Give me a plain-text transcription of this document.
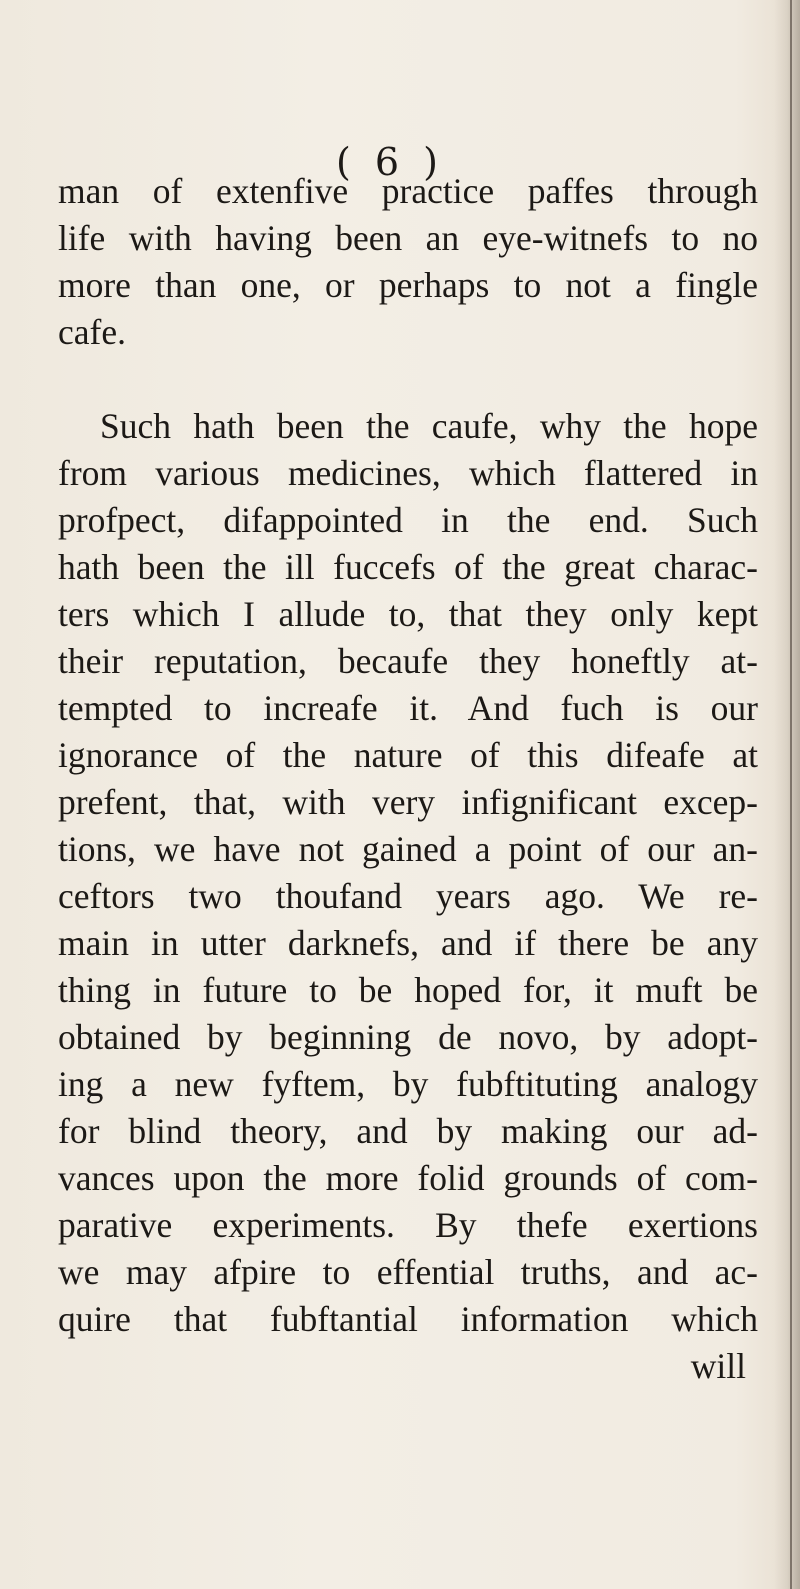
( 6 )
man of extenfive practice paffes through
life with having been an eye-witnefs to no
more than one, or perhaps to not a fingle
cafe.
Such hath been the caufe, why the hope
from various medicines, which flattered in
profpect, difappointed in the end. Such
hath been the ill fuccefs of the great charac-
ters which I allude to, that they only kept
their reputation, becaufe they honeftly at-
tempted to increafe it. And fuch is our
ignorance of the nature of this difeafe at
prefent, that, with very infignificant excep-
tions, we have not gained a point of our an-
ceftors two thoufand years ago. We re-
main in utter darknefs, and if there be any
thing in future to be hoped for, it muft be
obtained by beginning de novo, by adopt-
ing a new fyftem, by fubftituting analogy
for blind theory, and by making our ad-
vances upon the more folid grounds of com-
parative experiments. By thefe exertions
we may afpire to effential truths, and ac-
quire that fubftantial information which
will
